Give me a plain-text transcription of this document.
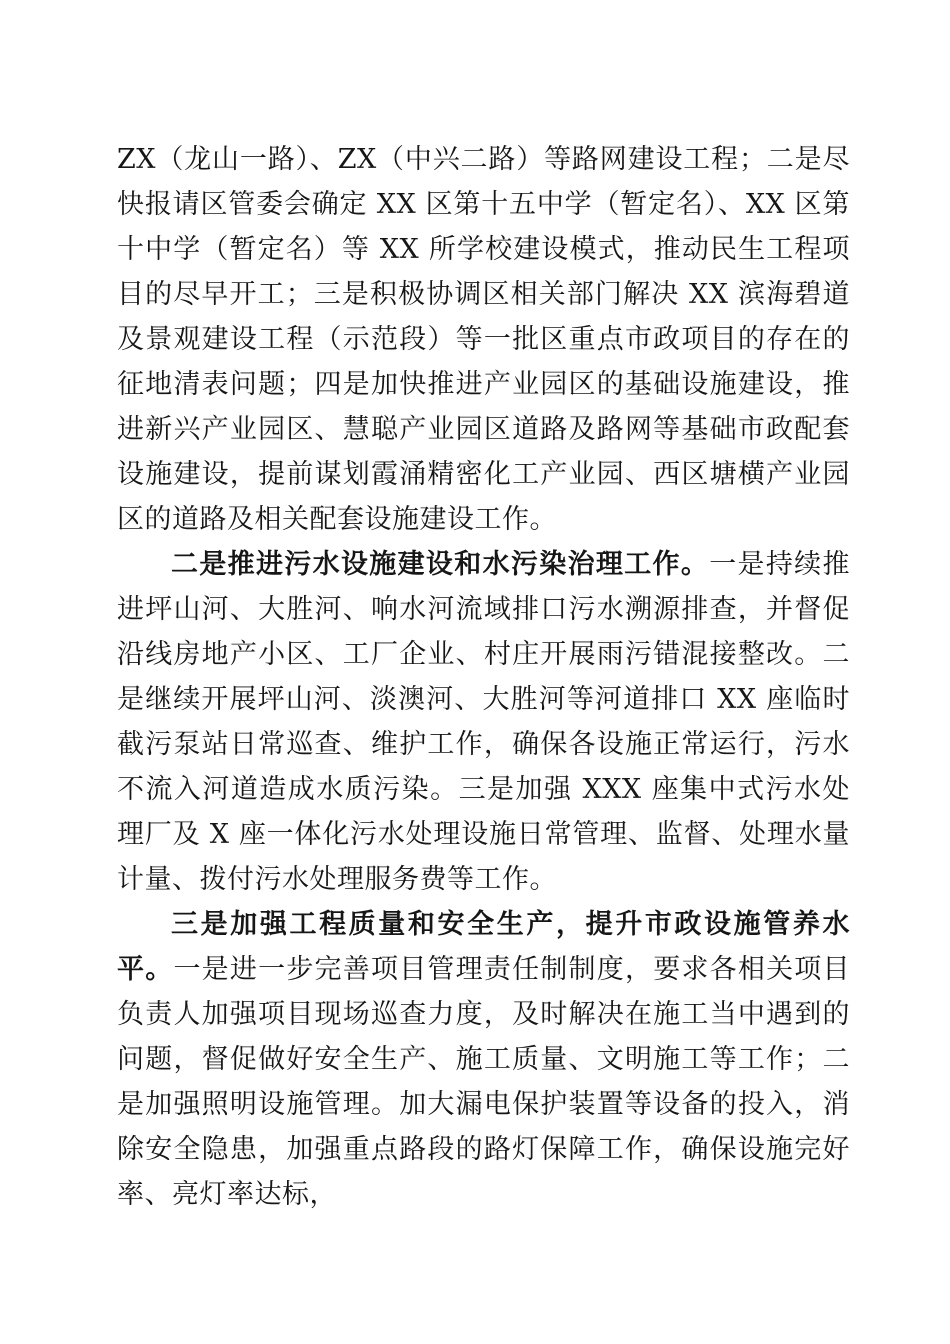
ZX（龙山一路）、ZX（中兴二路）等路网建设工程；二是尽快报请区管委会确定 XX 区第十五中学（暂定名）、XX 区第十中学（暂定名）等 XX 所学校建设模式，推动民生工程项目的尽早开工；三是积极协调区相关部门解决 XX 滨海碧道及景观建设工程（示范段）等一批区重点市政项目的存在的征地清表问题；四是加快推进产业园区的基础设施建设，推进新兴产业园区、慧聪产业园区道路及路网等基础市政配套设施建设，提前谋划霞涌精密化工产业园、西区塘横产业园区的道路及相关配套设施建设工作。

二是推进污水设施建设和水污染治理工作。一是持续推进坪山河、大胜河、响水河流域排口污水溯源排查，并督促沿线房地产小区、工厂企业、村庄开展雨污错混接整改。二是继续开展坪山河、淡澳河、大胜河等河道排口 XX 座临时截污泵站日常巡查、维护工作，确保各设施正常运行，污水不流入河道造成水质污染。三是加强 XXX 座集中式污水处理厂及 X 座一体化污水处理设施日常管理、监督、处理水量计量、拨付污水处理服务费等工作。

三是加强工程质量和安全生产，提升市政设施管养水平。一是进一步完善项目管理责任制制度，要求各相关项目负责人加强项目现场巡查力度，及时解决在施工当中遇到的问题，督促做好安全生产、施工质量、文明施工等工作；二是加强照明设施管理。加大漏电保护装置等设备的投入，消除安全隐患，加强重点路段的路灯保障工作，确保设施完好率、亮灯率达标，
